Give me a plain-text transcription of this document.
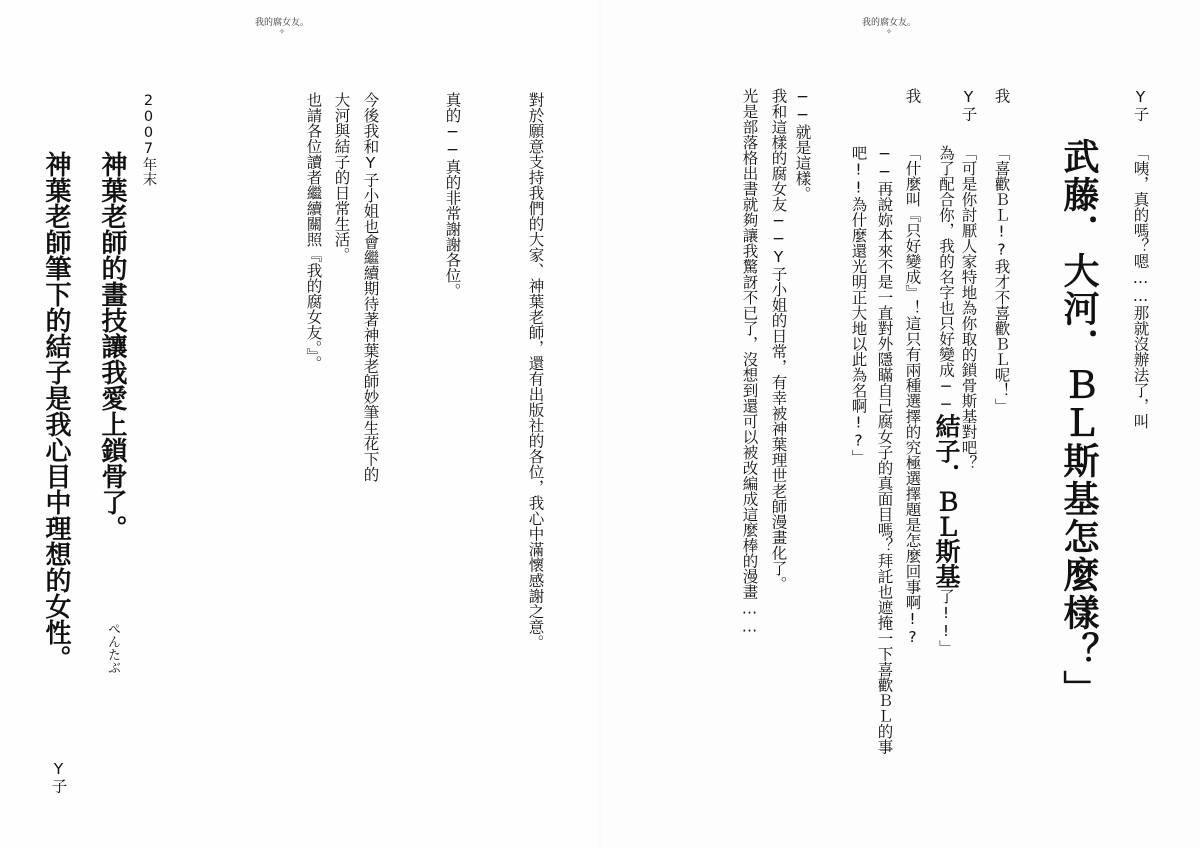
我的腐女友。
✧
我的腐女友。
✧
Y子
「咦，真的嗎？嗯……那就沒辦法了，叫
武藤．大河．ＢＬ斯基怎麼樣？」
我
「喜歡ＢＬ!?我才不喜歡ＢＬ呢！」
Y子
「可是你討厭人家特地為你取的鎖骨斯基對吧？
為了配合你，我的名字也只好變成──結子．ＢＬ斯基了!!」
我
「什麼叫『只好變成』！這只有兩種選擇的究極選擇題是怎麼回事啊!?
──再說妳本來不是一直對外隱瞞自己腐女子的真面目嗎？拜託也遮掩一下喜歡ＢＬ的事
吧!!為什麼還光明正大地以此為名啊!?」
──就是這樣。
我和這樣的腐女友──Y子小姐的日常，有幸被神葉理世老師漫畫化了。
光是部落格出書就夠讓我驚訝不已了，沒想到還可以被改編成這麼棒的漫畫……
對於願意支持我們的大家、神葉老師，還有出版社的各位，我心中滿懷感謝之意。
真的──真的非常謝謝各位。
今後我和Y子小姐也會繼續期待著神葉老師妙筆生花下的
大河與結子的日常生活。
也請各位讀者繼續關照『我的腐女友。』。
2007年末
神葉老師的畫技讓我愛上鎖骨了。
ぺんたぶ
神葉老師筆下的結子是我心目中理想的女性。
Y子
